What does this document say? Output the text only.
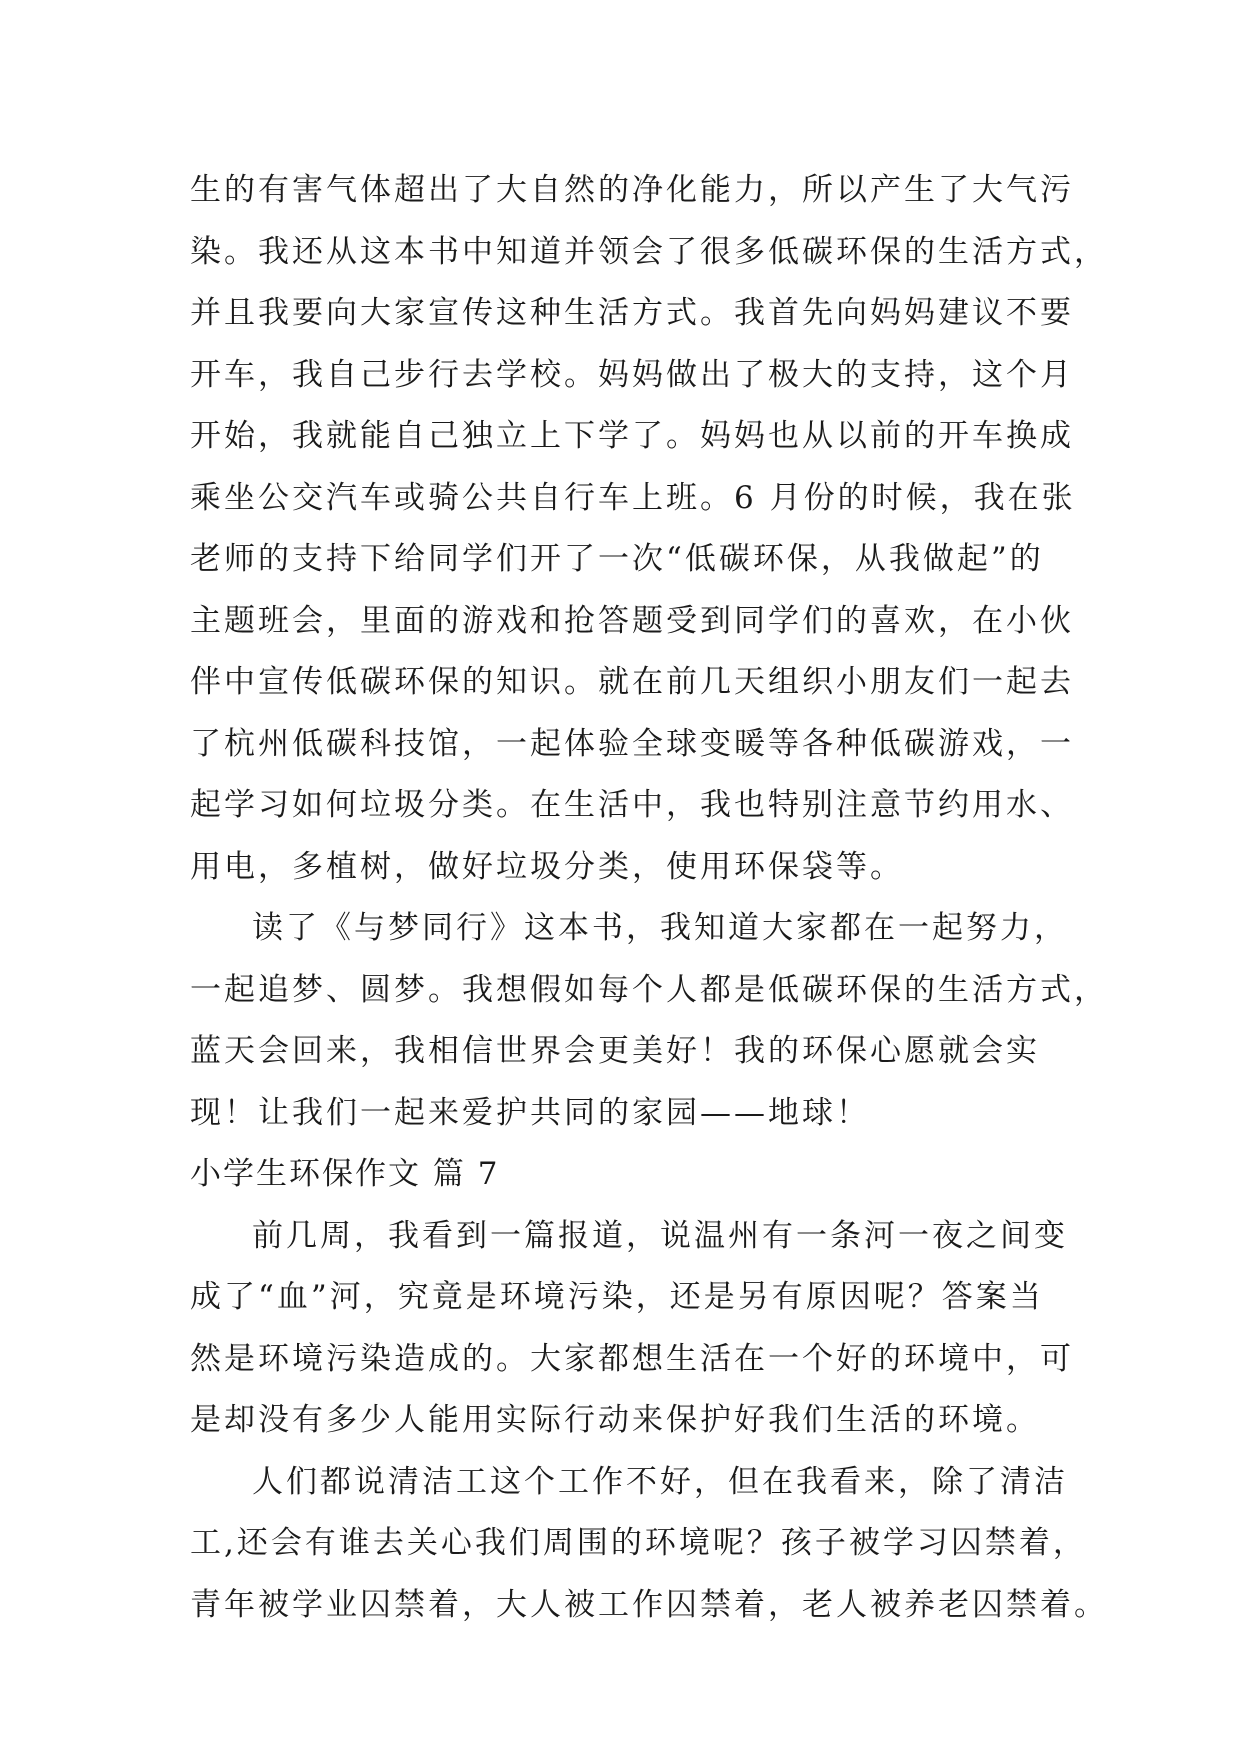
生的有害气体超出了大自然的净化能力，所以产生了大气污
染。我还从这本书中知道并领会了很多低碳环保的生活方式，
并且我要向大家宣传这种生活方式。我首先向妈妈建议不要
开车，我自己步行去学校。妈妈做出了极大的支持，这个月
开始，我就能自己独立上下学了。妈妈也从以前的开车换成
乘坐公交汽车或骑公共自行车上班。6 月份的时候，我在张
老师的支持下给同学们开了一次“低碳环保，从我做起”的
主题班会，里面的游戏和抢答题受到同学们的喜欢，在小伙
伴中宣传低碳环保的知识。就在前几天组织小朋友们一起去
了杭州低碳科技馆，一起体验全球变暖等各种低碳游戏，一
起学习如何垃圾分类。在生活中，我也特别注意节约用水、
用电，多植树，做好垃圾分类，使用环保袋等。
读了《与梦同行》这本书，我知道大家都在一起努力，
一起追梦、圆梦。我想假如每个人都是低碳环保的生活方式，
蓝天会回来，我相信世界会更美好！我的环保心愿就会实
现！让我们一起来爱护共同的家园——地球！
小学生环保作文 篇 7
前几周，我看到一篇报道，说温州有一条河一夜之间变
成了“血”河，究竟是环境污染，还是另有原因呢？答案当
然是环境污染造成的。大家都想生活在一个好的环境中，可
是却没有多少人能用实际行动来保护好我们生活的环境。
人们都说清洁工这个工作不好，但在我看来，除了清洁
工,还会有谁去关心我们周围的环境呢？孩子被学习囚禁着，
青年被学业囚禁着，大人被工作囚禁着，老人被养老囚禁着。
